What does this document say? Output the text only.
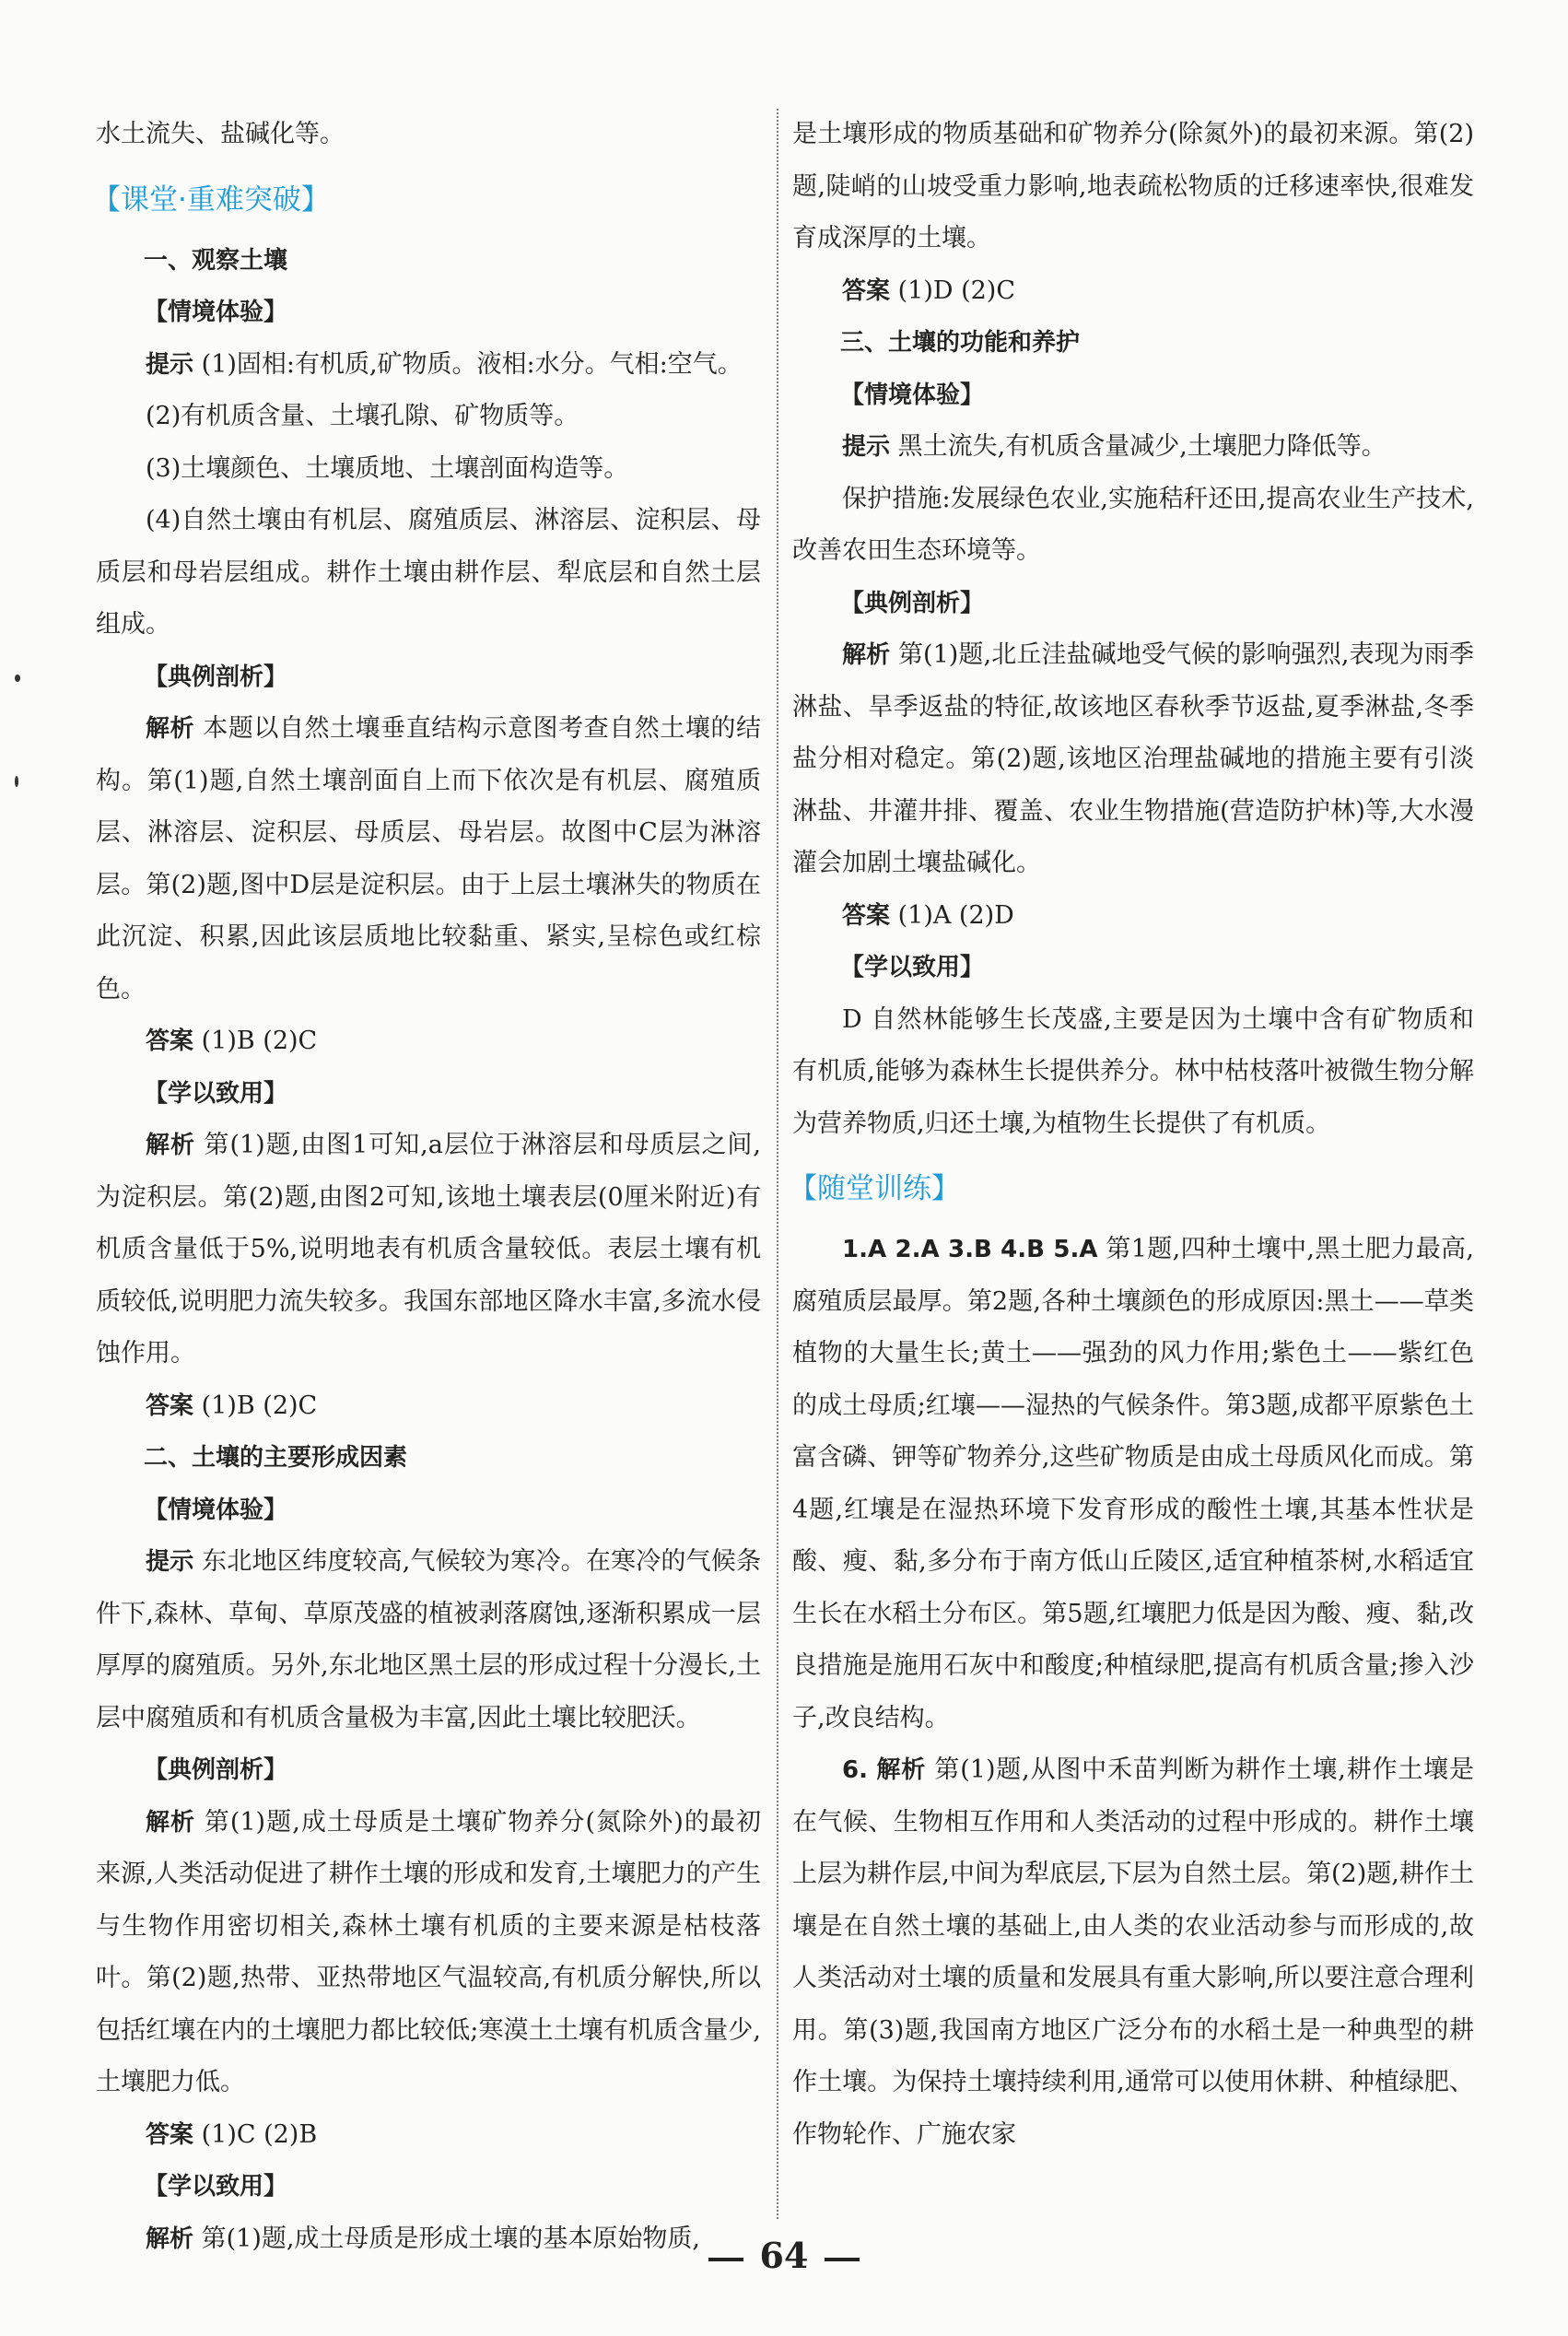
水土流失、盐碱化等。

【课堂·重难突破】
一、观察土壤
【情境体验】

提示 (1)固相:有机质,矿物质。液相:水分。气相:空气。

(2)有机质含量、土壤孔隙、矿物质等。

(3)土壤颜色、土壤质地、土壤剖面构造等。

(4)自然土壤由有机层、腐殖质层、淋溶层、淀积层、母质层和母岩层组成。耕作土壤由耕作层、犁底层和自然土层组成。

【典例剖析】

解析 本题以自然土壤垂直结构示意图考查自然土壤的结构。第(1)题,自然土壤剖面自上而下依次是有机层、腐殖质层、淋溶层、淀积层、母质层、母岩层。故图中C层为淋溶层。第(2)题,图中D层是淀积层。由于上层土壤淋失的物质在此沉淀、积累,因此该层质地比较黏重、紧实,呈棕色或红棕色。

答案 (1)B (2)C

【学以致用】

解析 第(1)题,由图1可知,a层位于淋溶层和母质层之间,为淀积层。第(2)题,由图2可知,该地土壤表层(0厘米附近)有机质含量低于5%,说明地表有机质含量较低。表层土壤有机质较低,说明肥力流失较多。我国东部地区降水丰富,多流水侵蚀作用。

答案 (1)B (2)C

二、土壤的主要形成因素
【情境体验】

提示 东北地区纬度较高,气候较为寒冷。在寒冷的气候条件下,森林、草甸、草原茂盛的植被剥落腐蚀,逐渐积累成一层厚厚的腐殖质。另外,东北地区黑土层的形成过程十分漫长,土层中腐殖质和有机质含量极为丰富,因此土壤比较肥沃。

【典例剖析】

解析 第(1)题,成土母质是土壤矿物养分(氮除外)的最初来源,人类活动促进了耕作土壤的形成和发育,土壤肥力的产生与生物作用密切相关,森林土壤有机质的主要来源是枯枝落叶。第(2)题,热带、亚热带地区气温较高,有机质分解快,所以包括红壤在内的土壤肥力都比较低;寒漠土土壤有机质含量少,土壤肥力低。

答案 (1)C (2)B

【学以致用】

解析 第(1)题,成土母质是形成土壤的基本原始物质,

是土壤形成的物质基础和矿物养分(除氮外)的最初来源。第(2)题,陡峭的山坡受重力影响,地表疏松物质的迁移速率快,很难发育成深厚的土壤。

答案 (1)D (2)C

三、土壤的功能和养护
【情境体验】

提示 黑土流失,有机质含量减少,土壤肥力降低等。

保护措施:发展绿色农业,实施秸秆还田,提高农业生产技术,改善农田生态环境等。

【典例剖析】

解析 第(1)题,北丘洼盐碱地受气候的影响强烈,表现为雨季淋盐、旱季返盐的特征,故该地区春秋季节返盐,夏季淋盐,冬季盐分相对稳定。第(2)题,该地区治理盐碱地的措施主要有引淡淋盐、井灌井排、覆盖、农业生物措施(营造防护林)等,大水漫灌会加剧土壤盐碱化。

答案 (1)A (2)D

【学以致用】

D 自然林能够生长茂盛,主要是因为土壤中含有矿物质和有机质,能够为森林生长提供养分。林中枯枝落叶被微生物分解为营养物质,归还土壤,为植物生长提供了有机质。

【随堂训练】

1.A 2.A 3.B 4.B 5.A 第1题,四种土壤中,黑土肥力最高,腐殖质层最厚。第2题,各种土壤颜色的形成原因:黑土——草类植物的大量生长;黄土——强劲的风力作用;紫色土——紫红色的成土母质;红壤——湿热的气候条件。第3题,成都平原紫色土富含磷、钾等矿物养分,这些矿物质是由成土母质风化而成。第4题,红壤是在湿热环境下发育形成的酸性土壤,其基本性状是酸、瘦、黏,多分布于南方低山丘陵区,适宜种植茶树,水稻适宜生长在水稻土分布区。第5题,红壤肥力低是因为酸、瘦、黏,改良措施是施用石灰中和酸度;种植绿肥,提高有机质含量;掺入沙子,改良结构。

6. 解析 第(1)题,从图中禾苗判断为耕作土壤,耕作土壤是在气候、生物相互作用和人类活动的过程中形成的。耕作土壤上层为耕作层,中间为犁底层,下层为自然土层。第(2)题,耕作土壤是在自然土壤的基础上,由人类的农业活动参与而形成的,故人类活动对土壤的质量和发展具有重大影响,所以要注意合理利用。第(3)题,我国南方地区广泛分布的水稻土是一种典型的耕作土壤。为保持土壤持续利用,通常可以使用休耕、种植绿肥、作物轮作、广施农家

64
